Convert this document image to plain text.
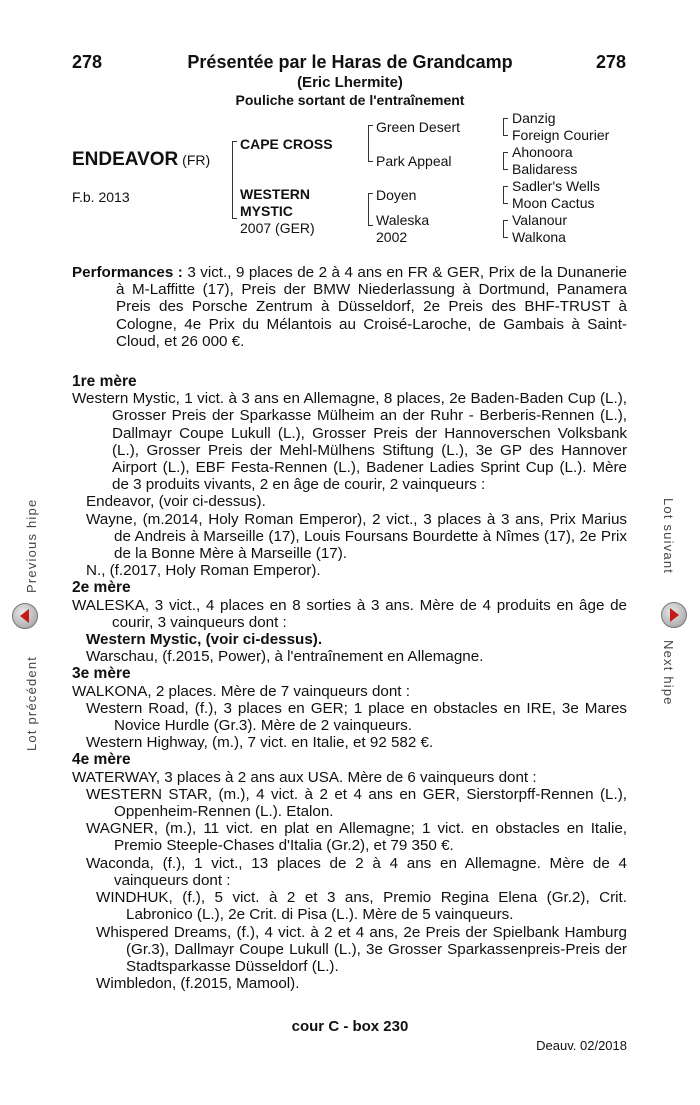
278	278
Présentée par le Haras de Grandcamp
(Eric Lhermite)
Pouliche sortant de l'entraînement
ENDEAVOR (FR)
F.b. 2013
CAPE CROSS
WESTERN
MYSTIC
2007 (GER)
Green Desert
Park Appeal
Doyen
Waleska
2002
Danzig
Foreign Courier
Ahonoora
Balidaress
Sadler's Wells
Moon Cactus
Valanour
Walkona

Performances : 3 vict., 9 places de 2 à 4 ans en FR & GER, Prix de la Dunanerie à M-Laffitte (17), Preis der BMW Niederlassung à Dortmund, Panamera Preis des Porsche Zentrum à Düsseldorf, 2e Preis des BHF-TRUST à Cologne, 4e Prix du Mélantois au Croisé-Laroche, de Gambais à Saint-Cloud, et 26 000 €.

1re mère

Western Mystic, 1 vict. à 3 ans en Allemagne, 8 places, 2e Baden-Baden Cup (L.), Grosser Preis der Sparkasse Mülheim an der Ruhr - Berberis-Rennen (L.), Dallmayr Coupe Lukull (L.), Grosser Preis der Hannoverschen Volksbank (L.), Grosser Preis der Mehl-Mülhens Stiftung (L.), 3e GP des Hannover Airport (L.), EBF Festa-Rennen (L.), Badener Ladies Sprint Cup (L.). Mère de 3 produits vivants, 2 en âge de courir, 2 vainqueurs :

Endeavor, (voir ci-dessus).

Wayne, (m.2014, Holy Roman Emperor), 2 vict., 3 places à 3 ans, Prix Marius de Andreis à Marseille (17), Louis Foursans Bourdette à Nîmes (17), 2e Prix de la Bonne Mère à Marseille (17).

N., (f.2017, Holy Roman Emperor).

2e mère

WALESKA, 3 vict., 4 places en 8 sorties à 3 ans. Mère de 4 produits en âge de courir, 3 vainqueurs dont :

Western Mystic, (voir ci-dessus).

Warschau, (f.2015, Power), à l'entraînement en Allemagne.

3e mère

WALKONA, 2 places. Mère de 7 vainqueurs dont :

Western Road, (f.), 3 places en GER; 1 place en obstacles en IRE, 3e Mares Novice Hurdle (Gr.3). Mère de 2 vainqueurs.

Western Highway, (m.), 7 vict. en Italie, et 92 582 €.

4e mère

WATERWAY, 3 places à 2 ans aux USA. Mère de 6 vainqueurs dont :

WESTERN STAR, (m.), 4 vict. à 2 et 4 ans en GER, Sierstorpff-Rennen (L.), Oppenheim-Rennen (L.). Etalon.

WAGNER, (m.), 11 vict. en plat en Allemagne; 1 vict. en obstacles en Italie, Premio Steeple-Chases d'Italia (Gr.2), et 79 350 €.

Waconda, (f.), 1 vict., 13 places de 2 à 4 ans en Allemagne. Mère de 4 vainqueurs dont :

WINDHUK, (f.), 5 vict. à 2 et 3 ans, Premio Regina Elena (Gr.2), Crit. Labronico (L.), 2e Crit. di Pisa (L.). Mère de 5 vainqueurs.

Whispered Dreams, (f.), 4 vict. à 2 et 4 ans, 2e Preis der Spielbank Hamburg (Gr.3), Dallmayr Coupe Lukull (L.), 3e Grosser Sparkassenpreis-Preis der Stadtsparkasse Düsseldorf (L.).

Wimbledon, (f.2015, Mamool).

cour C - box 230
Deauv. 02/2018
Previous hipe
Lot précédent
Lot suivant
Next hipe
